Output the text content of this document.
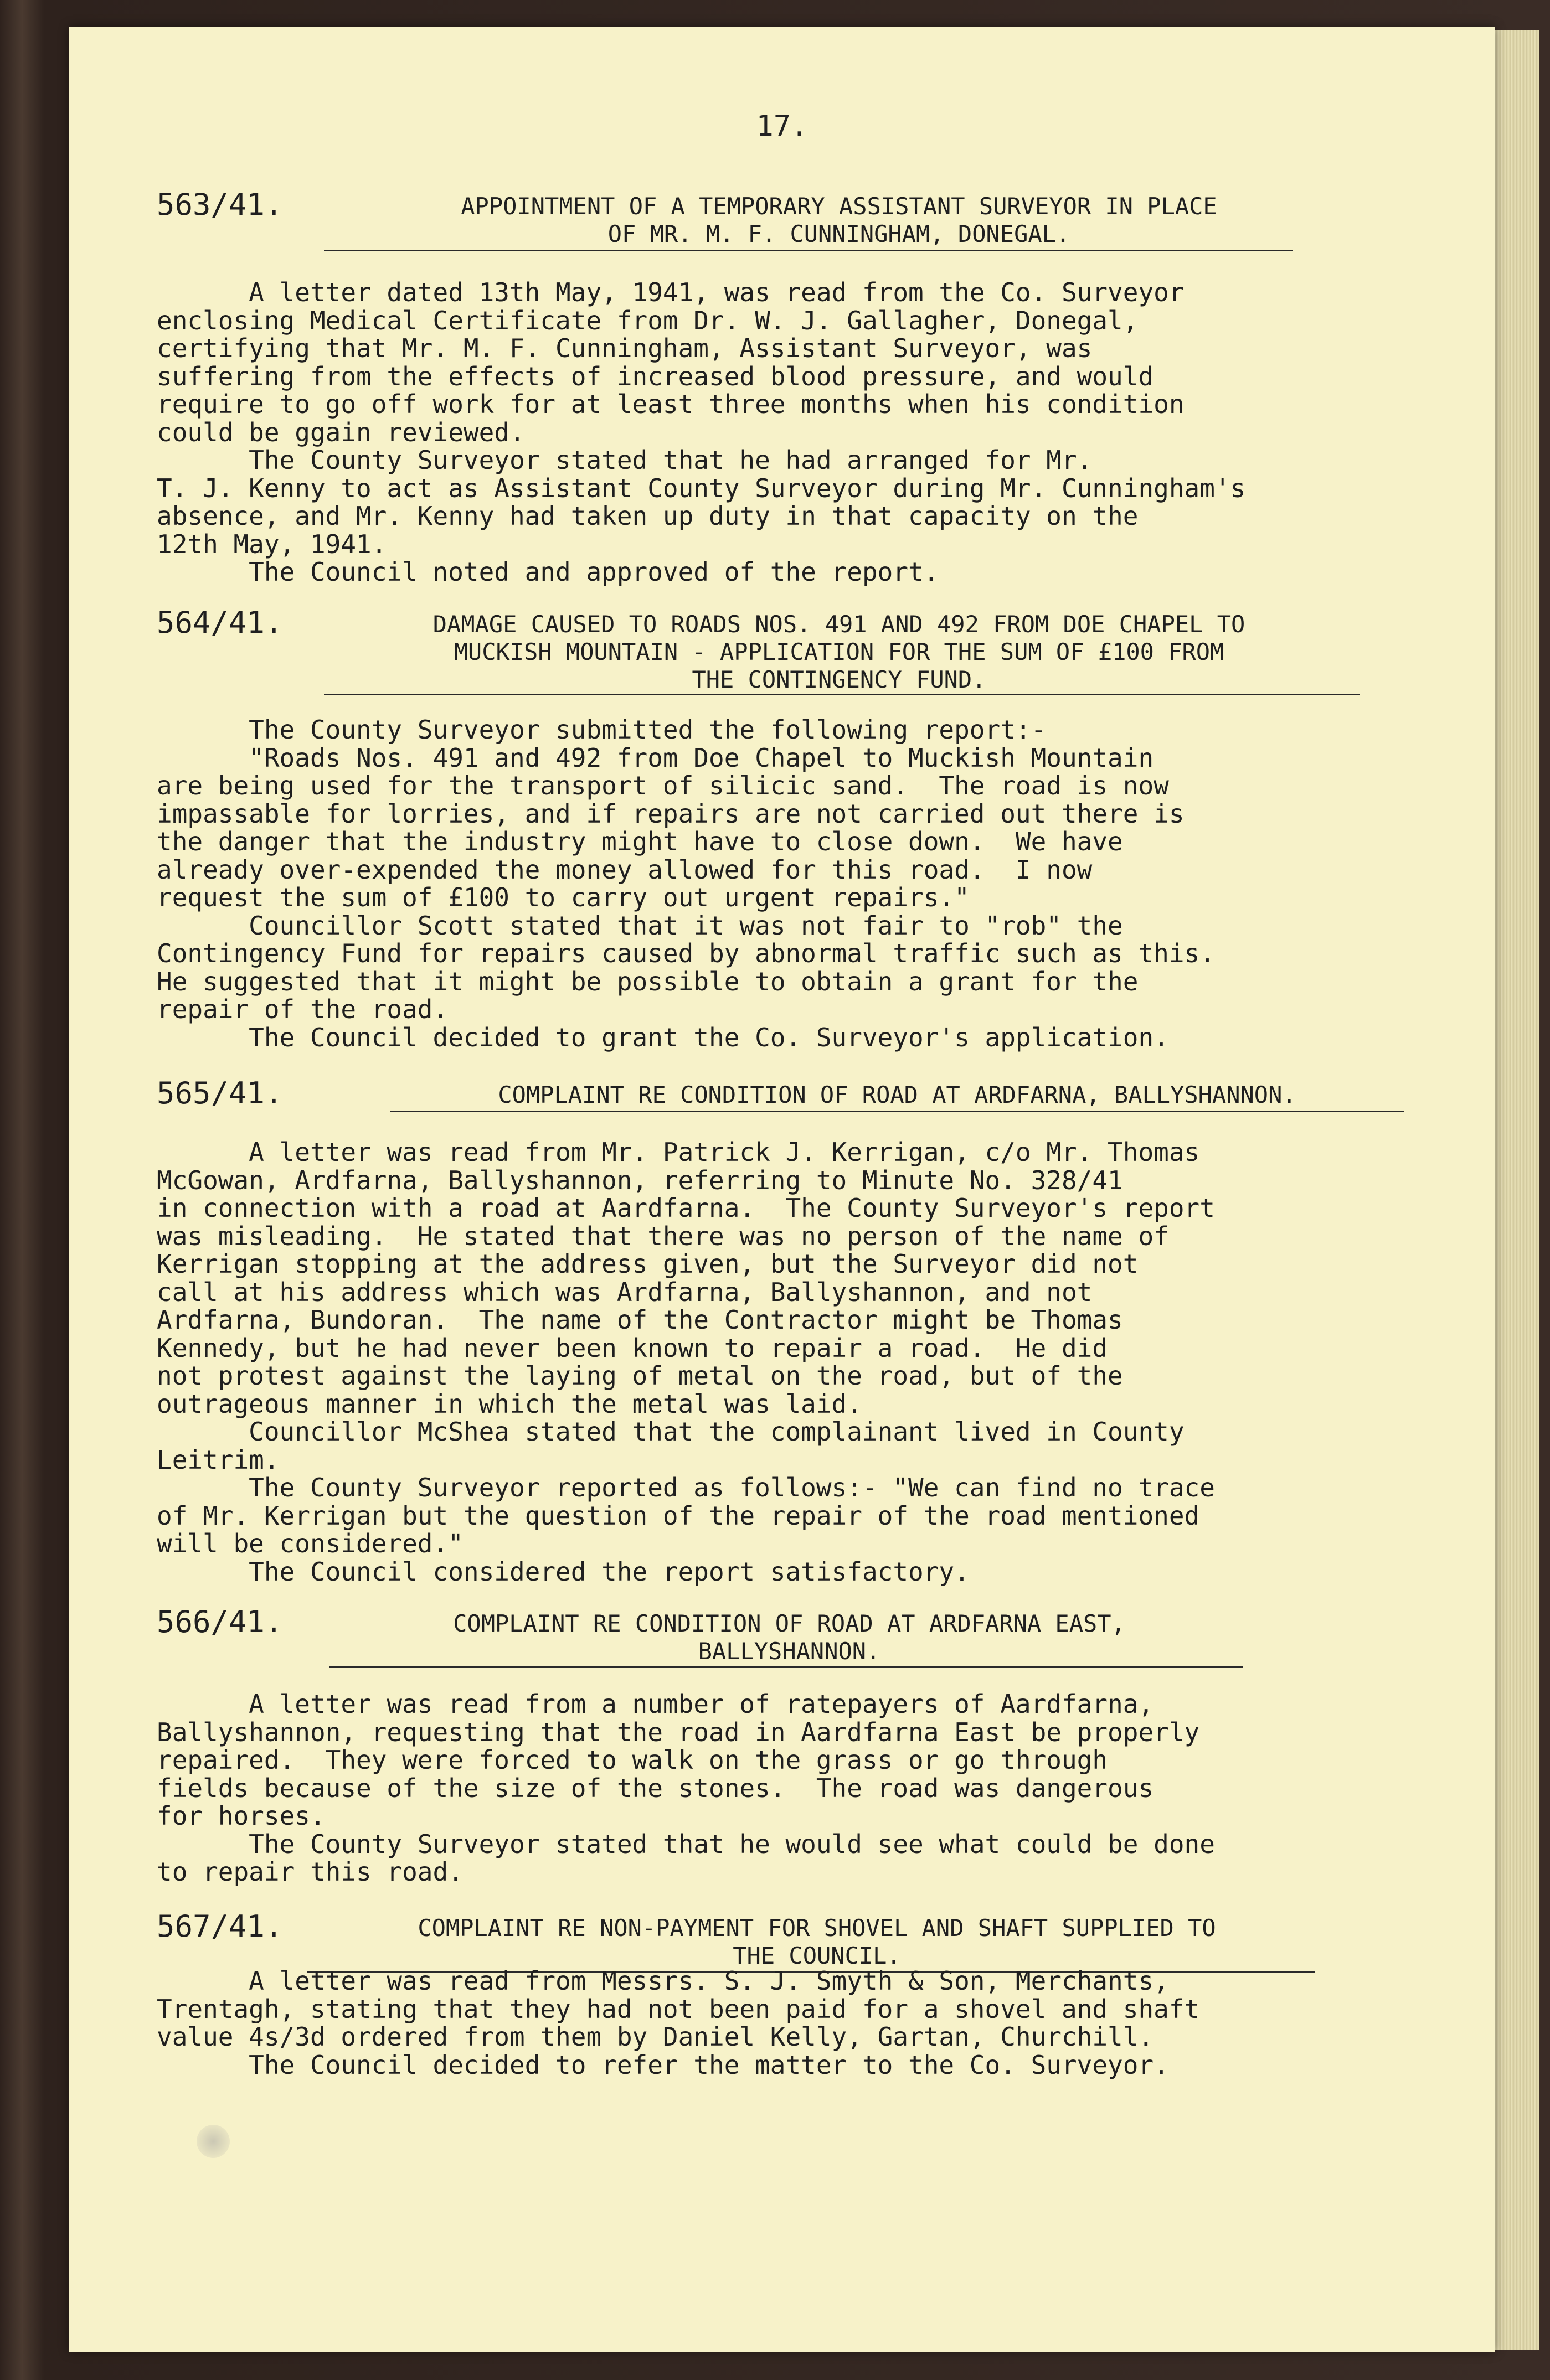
17.
563/41.	APPOINTMENT OF A TEMPORARY ASSISTANT SURVEYOR IN PLACE
OF MR. M. F. CUNNINGHAM, DONEGAL.
A letter dated 13th May, 1941, was read from the Co. Surveyor
enclosing Medical Certificate from Dr. W. J. Gallagher, Donegal,
certifying that Mr. M. F. Cunningham, Assistant Surveyor, was
suffering from the effects of increased blood pressure, and would
require to go off work for at least three months when his condition
could be ggain reviewed.
The County Surveyor stated that he had arranged for Mr.
T. J. Kenny to act as Assistant County Surveyor during Mr. Cunningham's
absence, and Mr. Kenny had taken up duty in that capacity on the
12th May, 1941.
The Council noted and approved of the report.
564/41.	DAMAGE CAUSED TO ROADS NOS. 491 AND 492 FROM DOE CHAPEL TO
MUCKISH MOUNTAIN - APPLICATION FOR THE SUM OF £100 FROM
THE CONTINGENCY FUND.
The County Surveyor submitted the following report:-
"Roads Nos. 491 and 492 from Doe Chapel to Muckish Mountain
are being used for the transport of silicic sand.  The road is now
impassable for lorries, and if repairs are not carried out there is
the danger that the industry might have to close down.  We have
already over-expended the money allowed for this road.  I now
request the sum of £100 to carry out urgent repairs."
Councillor Scott stated that it was not fair to "rob" the
Contingency Fund for repairs caused by abnormal traffic such as this.
He suggested that it might be possible to obtain a grant for the
repair of the road.
The Council decided to grant the Co. Surveyor's application.
565/41.	COMPLAINT RE CONDITION OF ROAD AT ARDFARNA, BALLYSHANNON.
A letter was read from Mr. Patrick J. Kerrigan, c/o Mr. Thomas
McGowan, Ardfarna, Ballyshannon, referring to Minute No. 328/41
in connection with a road at Aardfarna.  The County Surveyor's report
was misleading.  He stated that there was no person of the name of
Kerrigan stopping at the address given, but the Surveyor did not
call at his address which was Ardfarna, Ballyshannon, and not
Ardfarna, Bundoran.  The name of the Contractor might be Thomas
Kennedy, but he had never been known to repair a road.  He did
not protest against the laying of metal on the road, but of the
outrageous manner in which the metal was laid.
Councillor McShea stated that the complainant lived in County
Leitrim.
The County Surveyor reported as follows:- "We can find no trace
of Mr. Kerrigan but the question of the repair of the road mentioned
will be considered."
The Council considered the report satisfactory.
566/41.	COMPLAINT RE CONDITION OF ROAD AT ARDFARNA EAST,
BALLYSHANNON.
A letter was read from a number of ratepayers of Aardfarna,
Ballyshannon, requesting that the road in Aardfarna East be properly
repaired.  They were forced to walk on the grass or go through
fields because of the size of the stones.  The road was dangerous
for horses.
The County Surveyor stated that he would see what could be done
to repair this road.
567/41.	COMPLAINT RE NON-PAYMENT FOR SHOVEL AND SHAFT SUPPLIED TO
THE COUNCIL.
A letter was read from Messrs. S. J. Smyth & Son, Merchants,
Trentagh, stating that they had not been paid for a shovel and shaft
value 4s/3d ordered from them by Daniel Kelly, Gartan, Churchill.
The Council decided to refer the matter to the Co. Surveyor.
